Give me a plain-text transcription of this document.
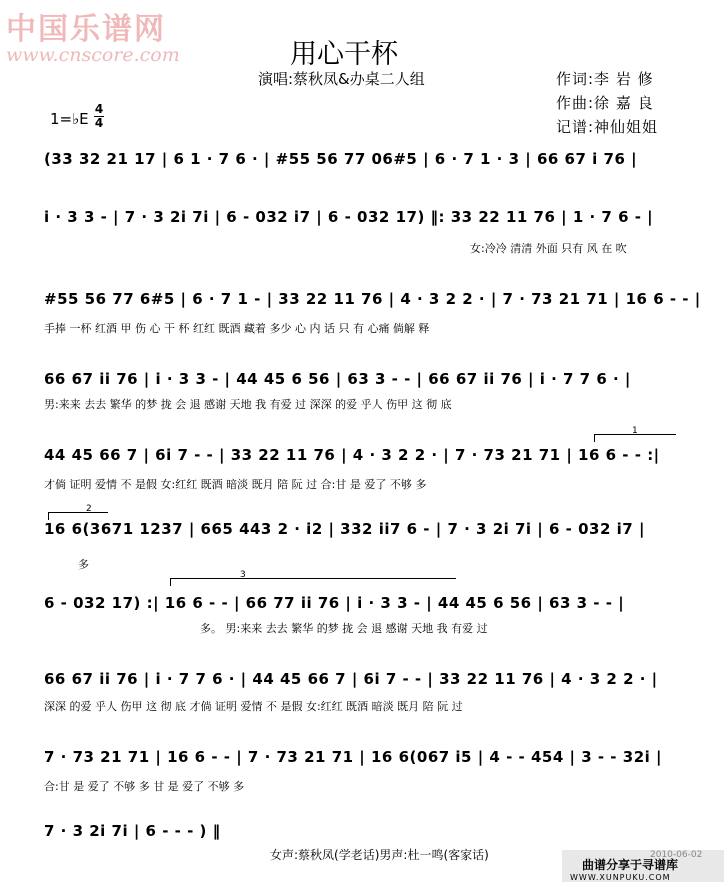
中国乐谱网
www.cnscore.com	用心干杯
演唱:蔡秋凤&办桌二人组	作词:李 岩 修
作曲:徐 嘉 良
记谱:神仙姐姐
1=♭E
4
4
(33 32 21 17 | 6 1 · 7 6 · | #55 56 77 06#5 | 6 · 7 1 · 3 | 66 67 i 76 |
i · 3 3 - | 7 · 3 2i 7i | 6 - 032 i7 | 6 - 032 17) ‖: 33 22 11 76 | 1 · 7 6 - |
女:冷冷 清清 外面 只有 风 在 吹
#55 56 77 6#5 | 6 · 7 1 - | 33 22 11 76 | 4 · 3 2 2 · | 7 · 73 21 71 | 16 6 - - |
手捧 一杯 红酒 甲 伤 心 干 杯 红红 既酒 藏着 多少 心 内 话 只 有 心痛 倘解 释
66 67 ii 76 | i · 3 3 - | 44 45 6 56 | 63 3 - - | 66 67 ii 76 | i · 7 7 6 · |
男:来来 去去 繁华 的梦 拢 会 退 感谢 天地 我 有爱 过 深深 的爱 乎人 伤甲 这 彻 底
1
44 45 66 7 | 6i 7 - - | 33 22 11 76 | 4 · 3 2 2 · | 7 · 73 21 71 | 16 6 - - :|
才倘 证明 爱情 不 是假 女:红红 既酒 暗淡 既月 陪 阮 过 合:甘 是 爱了 不够 多
2
16 6(3671 1237 | 665 443 2 · i2 | 332 ii7 6 - | 7 · 3 2i 7i | 6 - 032 i7 |
多
3
6 - 032 17) :| 16 6 - - | 66 77 ii 76 | i · 3 3 - | 44 45 6 56 | 63 3 - - |
多。 男:来来 去去 繁华 的梦 拢 会 退 感谢 天地 我 有爱 过
66 67 ii 76 | i · 7 7 6 · | 44 45 66 7 | 6i 7 - - | 33 22 11 76 | 4 · 3 2 2 · |
深深 的爱 乎人 伤甲 这 彻 底 才倘 证明 爱情 不 是假 女:红红 既酒 暗淡 既月 陪 阮 过
7 · 73 21 71 | 16 6 - - | 7 · 73 21 71 | 16 6(067 i5 | 4 - - 454 | 3 - - 32i |
合:甘 是 爱了 不够 多 甘 是 爱了 不够 多
7 · 3 2i 7i | 6 - - - ) ‖
女声:蔡秋凤(学老话)男声:杜一鸣(客家话)
曲谱分享于寻谱库
WWW.XUNPUKU.COM
2010-06-02
